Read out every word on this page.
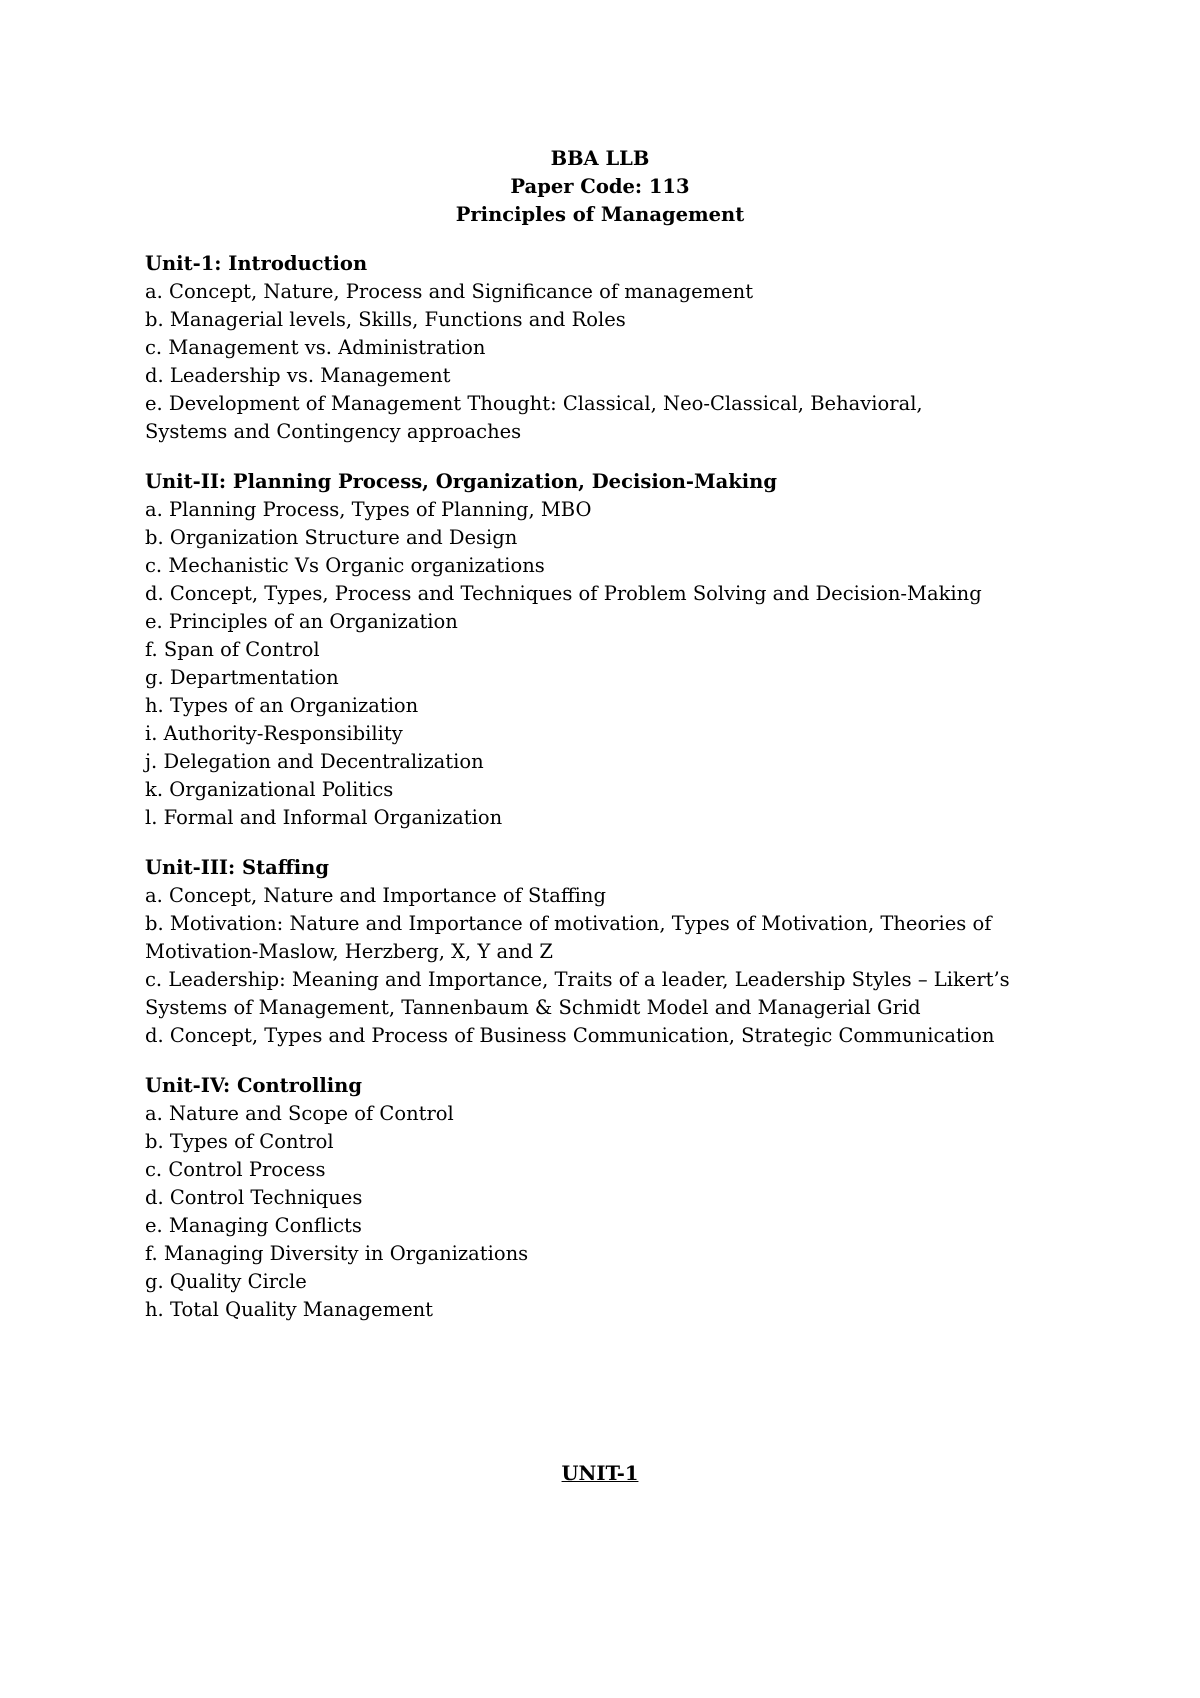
BBA LLB
Paper Code: 113
Principles of Management
Unit-1: Introduction
a. Concept, Nature, Process and Significance of management
b. Managerial levels, Skills, Functions and Roles
c. Management vs. Administration
d. Leadership vs. Management
e. Development of Management Thought: Classical, Neo-Classical, Behavioral,
Systems and Contingency approaches
Unit-II: Planning Process, Organization, Decision-Making
a. Planning Process, Types of Planning, MBO
b. Organization Structure and Design
c. Mechanistic Vs Organic organizations
d. Concept, Types, Process and Techniques of Problem Solving and Decision-Making
e. Principles of an Organization
f. Span of Control
g. Departmentation
h. Types of an Organization
i. Authority-Responsibility
j. Delegation and Decentralization
k. Organizational Politics
l. Formal and Informal Organization
Unit-III: Staffing
a. Concept, Nature and Importance of Staffing
b. Motivation: Nature and Importance of motivation, Types of Motivation, Theories of
Motivation-Maslow, Herzberg, X, Y and Z
c. Leadership: Meaning and Importance, Traits of a leader, Leadership Styles – Likert’s
Systems of Management, Tannenbaum & Schmidt Model and Managerial Grid
d. Concept, Types and Process of Business Communication, Strategic Communication
Unit-IV: Controlling
a. Nature and Scope of Control
b. Types of Control
c. Control Process
d. Control Techniques
e. Managing Conflicts
f. Managing Diversity in Organizations
g. Quality Circle
h. Total Quality Management
UNIT-1
